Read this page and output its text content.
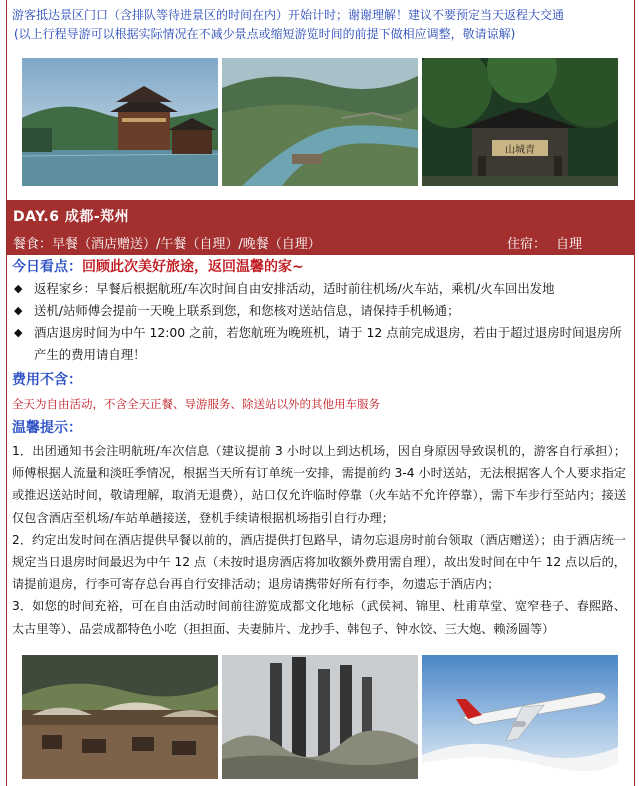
游客抵达景区门口（含排队等待进景区的时间在内）开始计时；谢谢理解！建议不要预定当天返程大交通

(以上行程导游可以根据实际情况在不减少景点或缩短游览时间的前提下做相应调整，敬请谅解)

山城青
DAY.6 成都-郑州
餐食：早餐（酒店赠送）/午餐（自理）/晚餐（自理）	住宿： 自理
今日看点：回顾此次美好旅途，返回温馨的家~
◆ 返程家乡：早餐后根据航班/车次时间自由安排活动，适时前往机场/火车站，乘机/火车回出发地
◆ 送机/站师傅会提前一天晚上联系到您，和您核对送站信息，请保持手机畅通；
◆ 酒店退房时间为中午 12:00 之前，若您航班为晚班机，请于 12 点前完成退房，若由于超过退房时间退房所产生的费用请自理！
费用不含：
全天为自由活动，不含全天正餐、导游服务、除送站以外的其他用车服务
温馨提示：

1．出团通知书会注明航班/车次信息（建议提前 3 小时以上到达机场，因自身原因导致误机的，游客自行承担）；师傅根据人流量和淡旺季情况，根据当天所有订单统一安排，需提前约 3-4 小时送站，无法根据客人个人要求指定或推迟送站时间，敬请理解，取消无退费），站口仅允许临时停靠（火车站不允许停靠），需下车步行至站内；接送仅包含酒店至机场/车站单趟接送，登机手续请根据机场指引自行办理；

2．约定出发时间在酒店提供早餐以前的，酒店提供打包路早，请勿忘退房时前台领取（酒店赠送）；由于酒店统一规定当日退房时间最迟为中午 12 点（未按时退房酒店将加收额外费用需自理），故出发时间在中午 12 点以后的，请提前退房，行李可寄存总台再自行安排活动；退房请携带好所有行李，勿遗忘于酒店内；

3．如您的时间充裕，可在自由活动时间前往游览成都文化地标（武侯祠、锦里、杜甫草堂、宽窄巷子、春熙路、太古里等）、品尝成都特色小吃（担担面、夫妻肺片、龙抄手、韩包子、钟水饺、三大炮、赖汤圆等）
